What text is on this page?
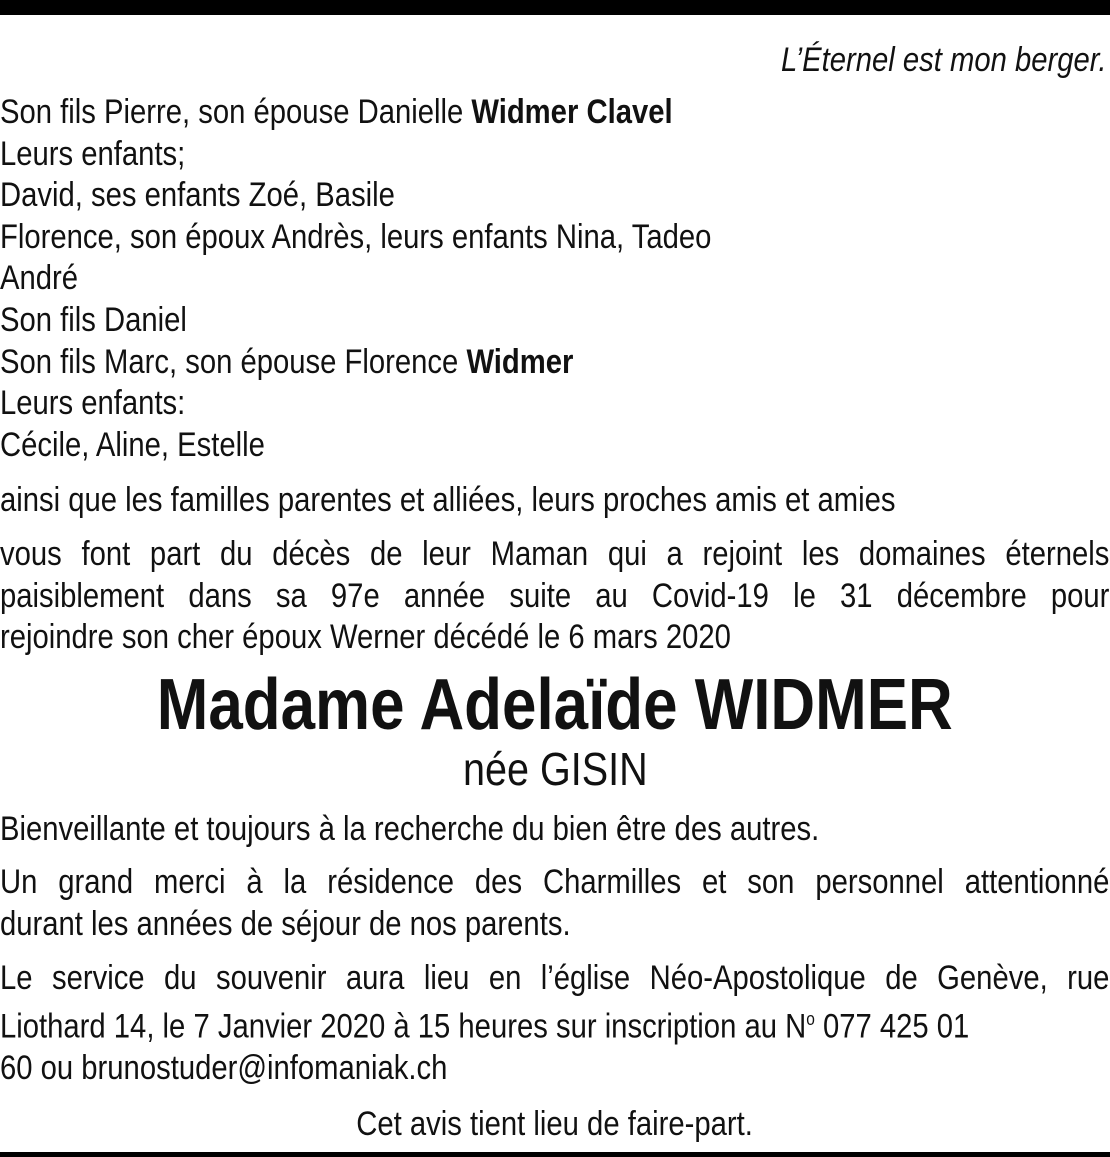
L’Éternel est mon berger.
Son fils Pierre, son épouse Danielle Widmer Clavel
Leurs enfants;
David, ses enfants Zoé, Basile
Florence, son époux Andrès, leurs enfants Nina, Tadeo
André
Son fils Daniel
Son fils Marc, son épouse Florence Widmer
Leurs enfants:
Cécile, Aline, Estelle
ainsi que les familles parentes et alliées, leurs proches amis et amies
vous font part du décès de leur Maman qui a rejoint les domaines éternels
paisiblement dans sa 97e année suite au Covid-19 le 31 décembre pour
rejoindre son cher époux Werner décédé le 6 mars 2020
Madame Adelaïde WIDMER
née GISIN
Bienveillante et toujours à la recherche du bien être des autres.
Un grand merci à la résidence des Charmilles et son personnel attentionné
durant les années de séjour de nos parents.
Le service du souvenir aura lieu en l’église Néo-Apostolique de Genève, rue
Liothard 14, le 7 Janvier 2020 à 15 heures sur inscription au $N^o$ 077 425 01
60 ou brunostuder@infomaniak.ch
Cet avis tient lieu de faire-part.
